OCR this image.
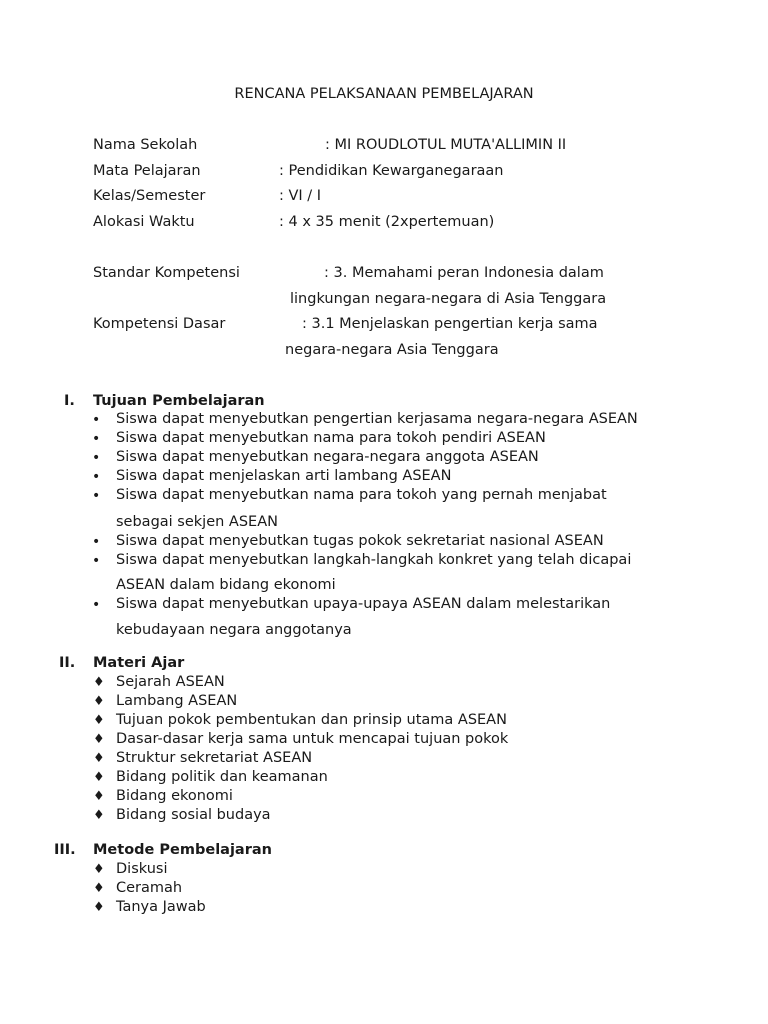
RENCANA PELAKSANAAN PEMBELAJARAN
Nama Sekolah	: MI ROUDLOTUL MUTA'ALLIMIN II
Mata Pelajaran	: Pendidikan Kewarganegaraan
Kelas/Semester	: VI / I
Alokasi Waktu	: 4 x 35 menit (2xpertemuan)
Standar Kompetensi	: 3. Memahami peran Indonesia dalam
lingkungan negara-negara di Asia Tenggara
Kompetensi Dasar	: 3.1 Menjelaskan pengertian kerja sama
negara-negara Asia Tenggara
I. Tujuan Pembelajaran
• Siswa dapat menyebutkan pengertian kerjasama negara-negara ASEAN
• Siswa dapat menyebutkan nama para tokoh pendiri ASEAN
• Siswa dapat menyebutkan negara-negara anggota ASEAN
• Siswa dapat menjelaskan arti lambang ASEAN
• Siswa dapat menyebutkan nama para tokoh yang pernah menjabat
sebagai sekjen ASEAN
• Siswa dapat menyebutkan tugas pokok sekretariat nasional ASEAN
• Siswa dapat menyebutkan langkah-langkah konkret yang telah dicapai
ASEAN dalam bidang ekonomi
• Siswa dapat menyebutkan upaya-upaya ASEAN dalam melestarikan
kebudayaan negara anggotanya
II. Materi Ajar
♦ Sejarah ASEAN
♦ Lambang ASEAN
♦ Tujuan pokok pembentukan dan prinsip utama ASEAN
♦ Dasar-dasar kerja sama untuk mencapai tujuan pokok
♦ Struktur sekretariat ASEAN
♦ Bidang politik dan keamanan
♦ Bidang ekonomi
♦ Bidang sosial budaya
III. Metode Pembelajaran
♦ Diskusi
♦ Ceramah
♦ Tanya Jawab
